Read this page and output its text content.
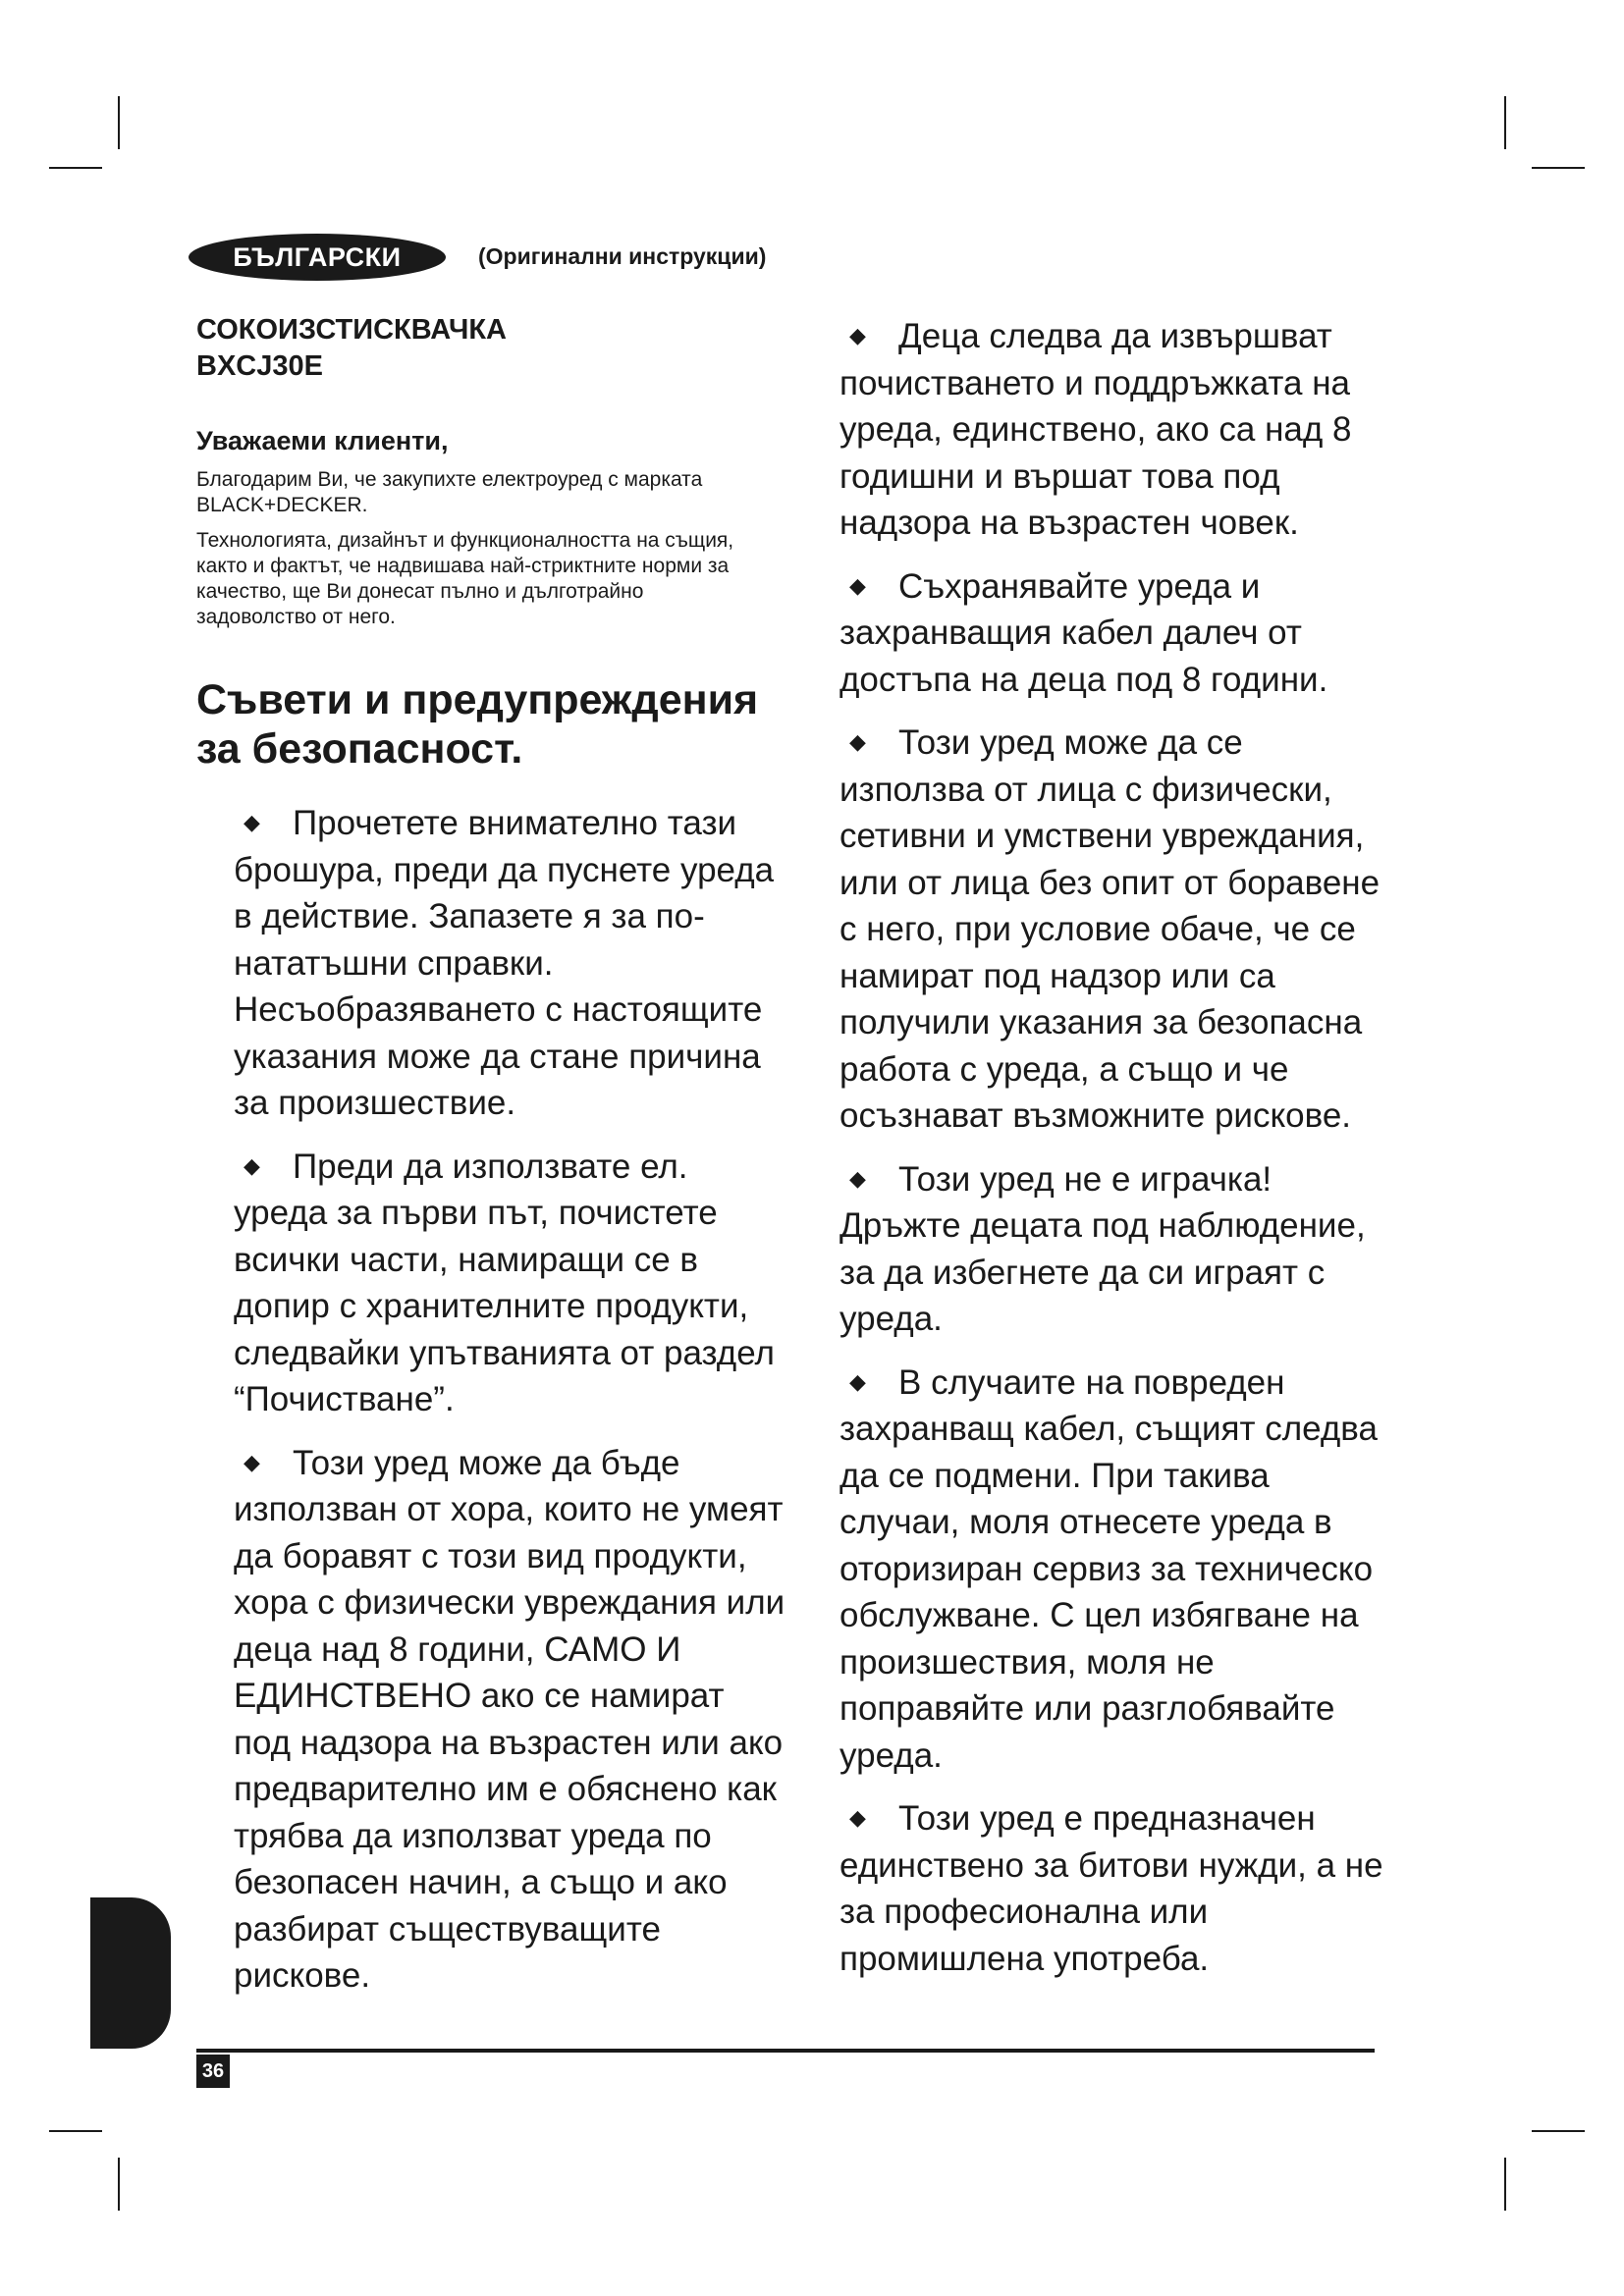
БЪЛГАРСКИ	(Оригинални инструкции)

СОКОИЗСТИСКВАЧКА

BXCJ30E

Уважаеми клиенти,

Благодарим Ви, че закупихте електроуред с марката BLACK+DECKER.

Технологията, дизайнът и функционалността на същия, както и фактът, че надвишава най-стриктните норми за качество, ще Ви донесат пълно и дълготрайно задоволство от него.

Съвети и предупреждения за безопасност.
◆ Прочетете внимателно тази брошура, преди да пуснете уреда в действие. Запазете я за по-нататъшни справки. Несъобразяването с настоящите указания може да стане причина за произшествие.
◆ Преди да използвате ел. уреда за първи път, почистете всички части, намиращи се в допир с хранителните продукти, следвайки упътванията от раздел “Почистване”.
◆ Този уред може да бъде използван от хора, които не умеят да боравят с този вид продукти, хора с физически увреждания или деца над 8 години, САМО И ЕДИНСТВЕНО ако се намират под надзора на възрастен или ако предварително им е обяснено как трябва да използват уреда по безопасен начин, а също и ако разбират съществуващите рискове.
◆ Деца следва да извършват почистването и поддръжката на уреда, единствено, ако са над 8 годишни и вършат това под надзора на възрастен човек.
◆ Съхранявайте уреда и захранващия кабел далеч от достъпа на деца под 8 години.
◆ Този уред може да се използва от лица с физически, сетивни и умствени увреждания, или от лица без опит от боравене с него, при условие обаче, че се намират под надзор или са получили указания за безопасна работа с уреда, а също и че осъзнават възможните рискове.
◆ Този уред не е играчка! Дръжте децата под наблюдение, за да избегнете да си играят с уреда.
◆ В случаите на повреден захранващ кабел, същият следва да се подмени. При такива случаи, моля отнесете уреда в оторизиран сервиз за техническо обслужване. С цел избягване на произшествия, моля не поправяйте или разглобявайте уреда.
◆ Този уред е предназначен единствено за битови нужди, а не за професионална или промишлена употреба.
36
